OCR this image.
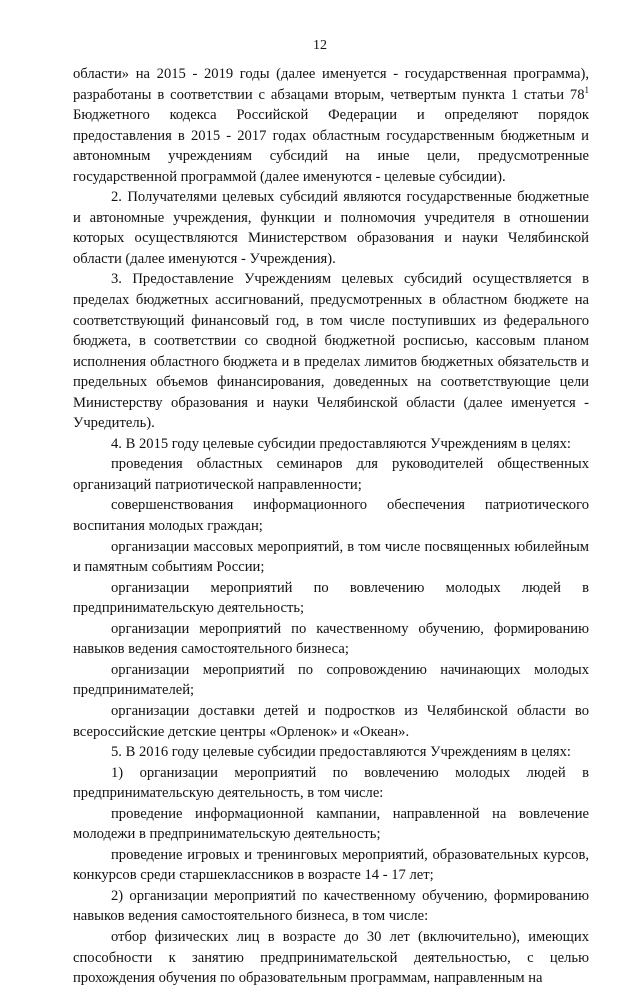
12

области» на 2015 - 2019 годы (далее именуется - государственная программа), разработаны в соответствии с абзацами вторым, четвертым пункта 1 статьи $78^1$ Бюджетного кодекса Российской Федерации и определяют порядок предоставления в 2015 - 2017 годах областным государственным бюджетным и автономным учреждениям субсидий на иные цели, предусмотренные государственной программой (далее именуются - целевые субсидии).

2. Получателями целевых субсидий являются государственные бюджетные и автономные учреждения, функции и полномочия учредителя в отношении которых осуществляются Министерством образования и науки Челябинской области (далее именуются - Учреждения).

3. Предоставление Учреждениям целевых субсидий осуществляется в пределах бюджетных ассигнований, предусмотренных в областном бюджете на соответствующий финансовый год, в том числе поступивших из федерального бюджета, в соответствии со сводной бюджетной росписью, кассовым планом исполнения областного бюджета и в пределах лимитов бюджетных обязательств и предельных объемов финансирования, доведенных на соответствующие цели Министерству образования и науки Челябинской области (далее именуется - Учредитель).

4. В 2015 году целевые субсидии предоставляются Учреждениям в целях:

проведения областных семинаров для руководителей общественных организаций патриотической направленности;

совершенствования информационного обеспечения патриотического воспитания молодых граждан;

организации массовых мероприятий, в том числе посвященных юбилейным и памятным событиям России;

организации мероприятий по вовлечению молодых людей в предпринимательскую деятельность;

организации мероприятий по качественному обучению, формированию навыков ведения самостоятельного бизнеса;

организации мероприятий по сопровождению начинающих молодых предпринимателей;

организации доставки детей и подростков из Челябинской области во всероссийские детские центры «Орленок» и «Океан».

5. В 2016 году целевые субсидии предоставляются Учреждениям в целях:

1) организации мероприятий по вовлечению молодых людей в предпринимательскую деятельность, в том числе:

проведение информационной кампании, направленной на вовлечение молодежи в предпринимательскую деятельность;

проведение игровых и тренинговых мероприятий, образовательных курсов, конкурсов среди старшеклассников в возрасте 14 - 17 лет;

2) организации мероприятий по качественному обучению, формированию навыков ведения самостоятельного бизнеса, в том числе:

отбор физических лиц в возрасте до 30 лет (включительно), имеющих способности к занятию предпринимательской деятельностью, с целью прохождения обучения по образовательным программам, направленным на
